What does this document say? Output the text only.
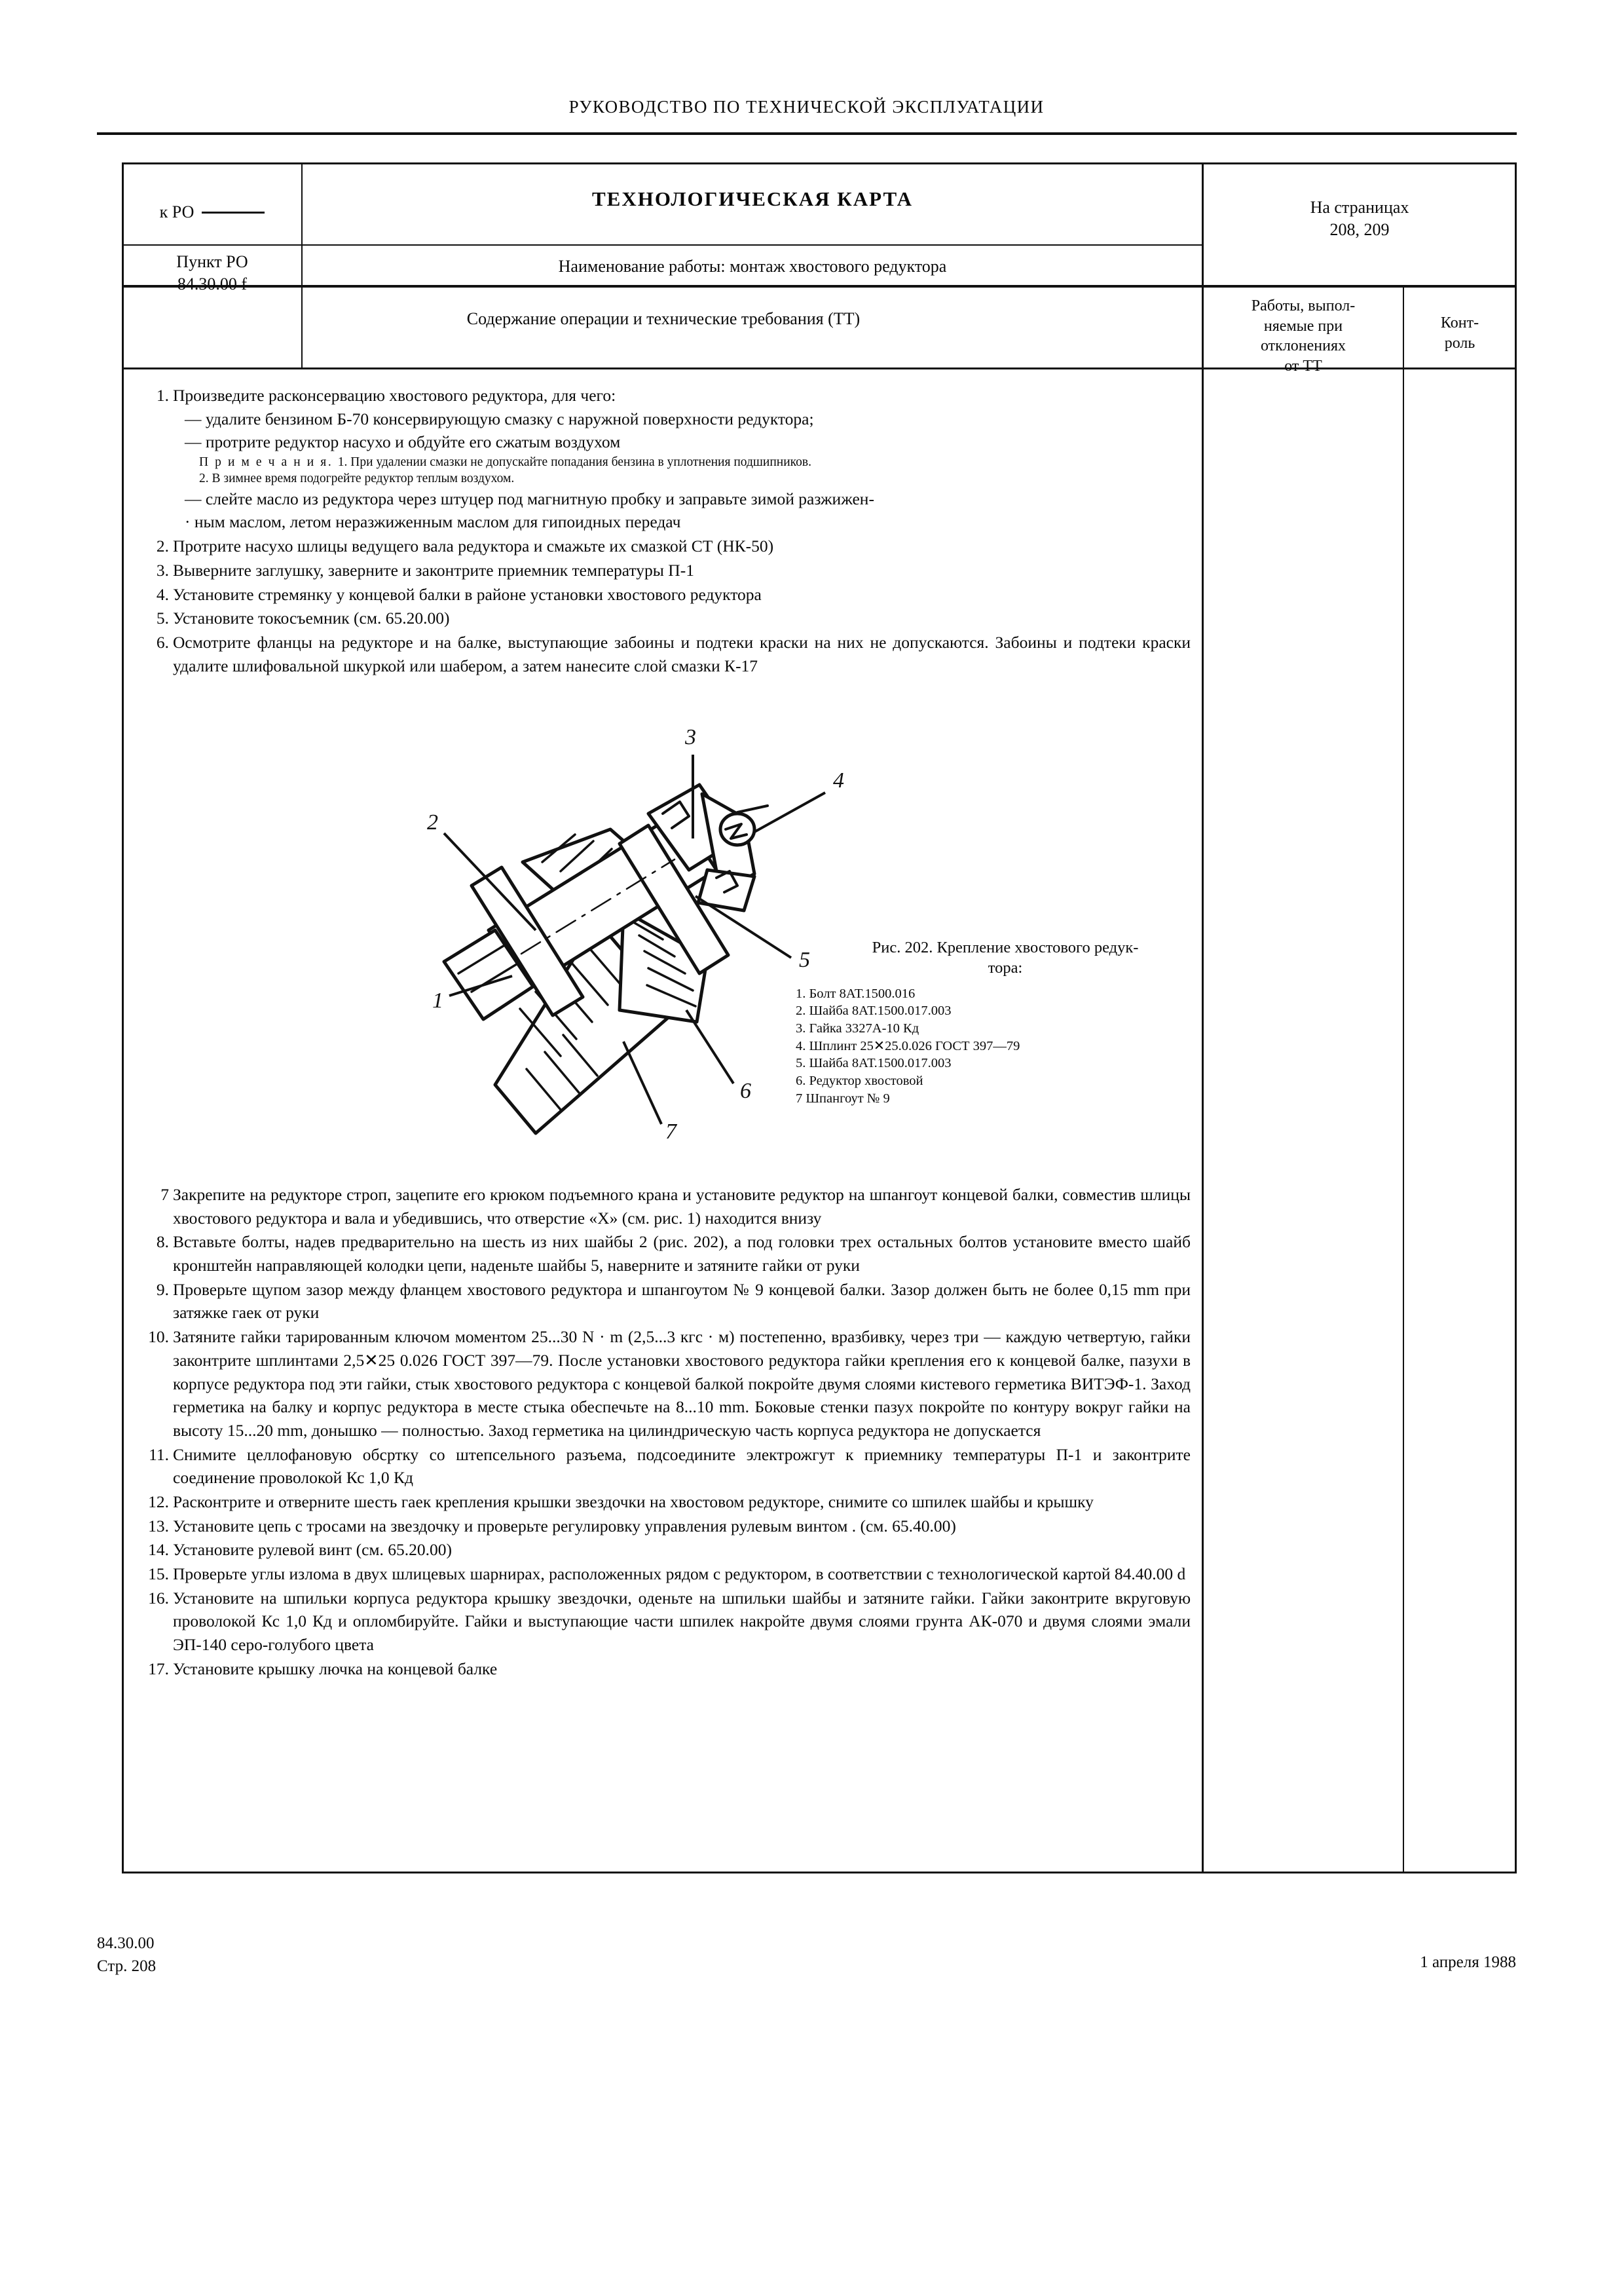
РУКОВОДСТВО ПО ТЕХНИЧЕСКОЙ ЭКСПЛУАТАЦИИ
к РО
Пункт РО
84.30.00 f
ТЕХНОЛОГИЧЕСКАЯ КАРТА
Наименование работы: монтаж хвостового редуктора
На страницах
208, 209
Содержание операции и технические требования (ТТ)
Работы, выпол-
няемые при
отклонениях
от ТТ
Конт-
роль
1. Произведите расконсервацию хвостового редуктора, для чего:
— удалите бензином Б-70 консервирующую смазку с наружной поверхности редуктора;
— протрите редуктор насухо и обдуйте его сжатым воздухом
П р и м е ч а н и я. 1. При удалении смазки не допускайте попадания бензина в уплотнения подшипников.
2. В зимнее время подогрейте редуктор теплым воздухом.
— слейте масло из редуктора через штуцер под магнитную пробку и заправьте зимой разжижен-
· ным маслом, летом неразжиженным маслом для гипоидных передач
2. Протрите насухо шлицы ведущего вала редуктора и смажьте их смазкой СТ (НК-50)
3. Выверните заглушку, заверните и законтрите приемник температуры П-1
4. Установите стремянку у концевой балки в районе установки хвостового редуктора
5. Установите токосъемник (см. 65.20.00)
6. Осмотрите фланцы на редукторе и на балке, выступающие забоины и подтеки краски на них не допускаются. Забоины и подтеки краски удалите шлифовальной шкуркой или шабером, а затем нанесите слой смазки К-17
3
2
4
5
1
6
7
Рис. 202. Крепление хвостового редук-
тора:
1. Болт 8АТ.1500.016
2. Шайба 8АТ.1500.017.003
3. Гайка 3327А-10 Кд
4. Шплинт 25✕25.0.026 ГОСТ 397—79
5. Шайба 8АТ.1500.017.003
6. Редуктор хвостовой
7 Шпангоут № 9
7 Закрепите на редукторе строп, зацепите его крюком подъемного крана и установите редуктор на шпангоут концевой балки, совместив шлицы хвостового редуктора и вала и убедившись, что отверстие «Х» (см. рис. 1) находится внизу
8. Вставьте болты, надев предварительно на шесть из них шайбы 2 (рис. 202), а под головки трех остальных болтов установите вместо шайб кронштейн направляющей колодки цепи, наденьте шайбы 5, наверните и затяните гайки от руки
9. Проверьте щупом зазор между фланцем хвостового редуктора и шпангоутом № 9 концевой балки. Зазор должен быть не более 0,15 mm при затяжке гаек от руки
10. Затяните гайки тарированным ключом моментом 25...30 N · m (2,5...3 кгс · м) постепенно, вразбивку, через три — каждую четвертую, гайки законтрите шплинтами 2,5✕25 0.026 ГОСТ 397—79. После установки хвостового редуктора гайки крепления его к концевой балке, пазухи в корпусе редуктора под эти гайки, стык хвостового редуктора с концевой балкой покройте двумя слоями кистевого герметика ВИТЭФ-1. Заход герметика на балку и корпус редуктора в месте стыка обеспечьте на 8...10 mm. Боковые стенки пазух покройте по контуру вокруг гайки на высоту 15...20 mm, донышко — полностью. Заход герметика на цилиндрическую часть корпуса редуктора не допускается
11. Снимите целлофановую обсртку со штепсельного разъема, подсоедините электрожгут к приемнику температуры П-1 и законтрите соединение проволокой Кс 1,0 Кд
12. Расконтрите и отверните шесть гаек крепления крышки звездочки на хвостовом редукторе, снимите со шпилек шайбы и крышку
13. Установите цепь с тросами на звездочку и проверьте регулировку управления рулевым винтом . (см. 65.40.00)
14. Установите рулевой винт (см. 65.20.00)
15. Проверьте углы излома в двух шлицевых шарнирах, расположенных рядом с редуктором, в соответствии с технологической картой 84.40.00 d
16. Установите на шпильки корпуса редуктора крышку звездочки, оденьте на шпильки шайбы и затяните гайки. Гайки законтрите вкруговую проволокой Кс 1,0 Кд и опломбируйте. Гайки и выступающие части шпилек накройте двумя слоями грунта АК-070 и двумя слоями эмали ЭП-140 серо-голубого цвета
17. Установите крышку лючка на концевой балке
84.30.00
Стр. 208	1 апреля 1988
